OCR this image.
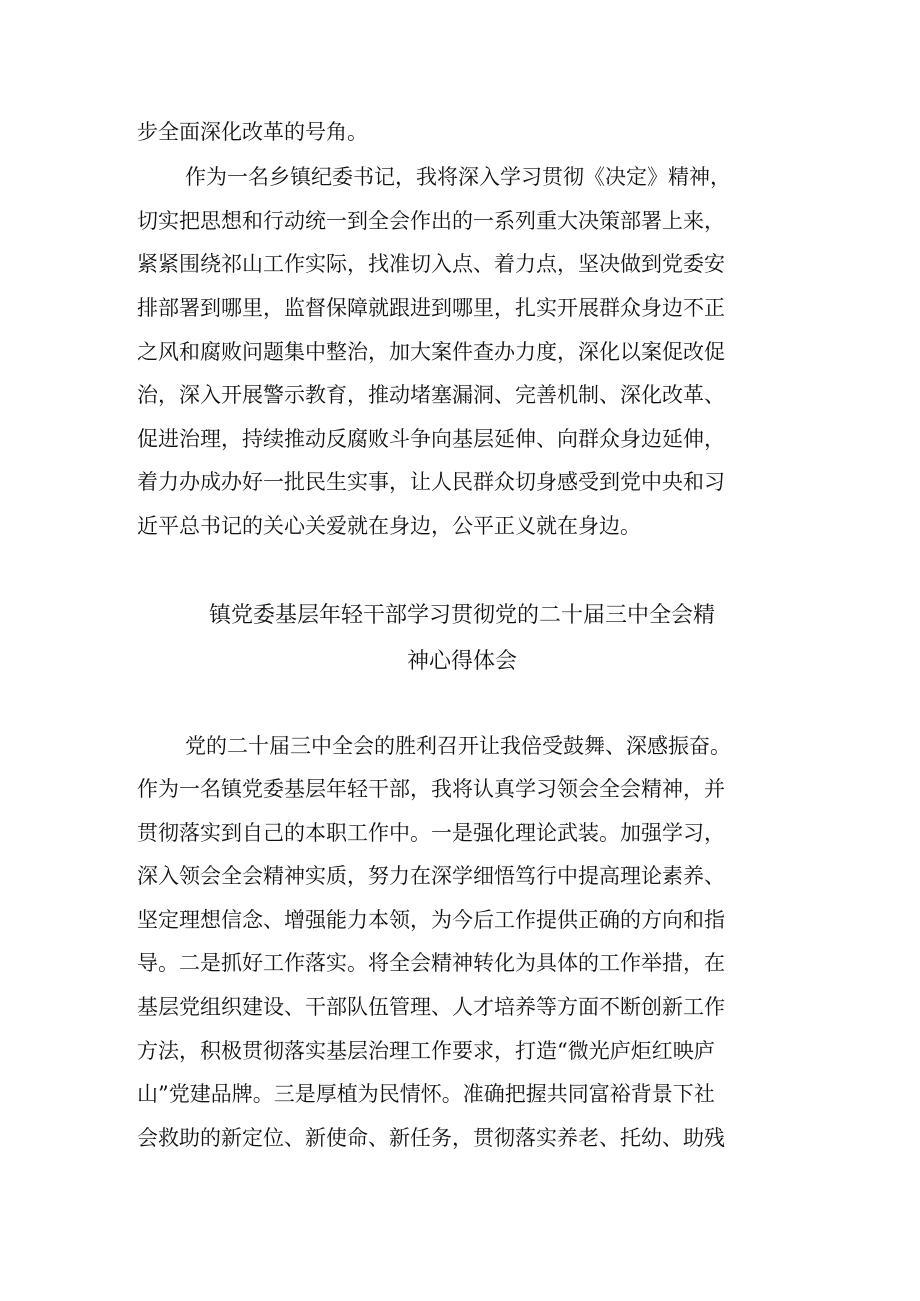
步全面深化改革的号角。
作为一名乡镇纪委书记，我将深入学习贯彻《决定》精神，
切实把思想和行动统一到全会作出的一系列重大决策部署上来，
紧紧围绕祁山工作实际，找准切入点、着力点，坚决做到党委安
排部署到哪里，监督保障就跟进到哪里，扎实开展群众身边不正
之风和腐败问题集中整治，加大案件查办力度，深化以案促改促
治，深入开展警示教育，推动堵塞漏洞、完善机制、深化改革、
促进治理，持续推动反腐败斗争向基层延伸、向群众身边延伸，
着力办成办好一批民生实事，让人民群众切身感受到党中央和习
近平总书记的关心关爱就在身边，公平正义就在身边。
镇党委基层年轻干部学习贯彻党的二十届三中全会精
神心得体会
党的二十届三中全会的胜利召开让我倍受鼓舞、深感振奋。
作为一名镇党委基层年轻干部，我将认真学习领会全会精神，并
贯彻落实到自己的本职工作中。一是强化理论武装。加强学习，
深入领会全会精神实质，努力在深学细悟笃行中提高理论素养、
坚定理想信念、增强能力本领，为今后工作提供正确的方向和指
导。二是抓好工作落实。将全会精神转化为具体的工作举措，在
基层党组织建设、干部队伍管理、人才培养等方面不断创新工作
方法，积极贯彻落实基层治理工作要求，打造“微光庐炬红映庐
山”党建品牌。三是厚植为民情怀。准确把握共同富裕背景下社
会救助的新定位、新使命、新任务，贯彻落实养老、托幼、助残
